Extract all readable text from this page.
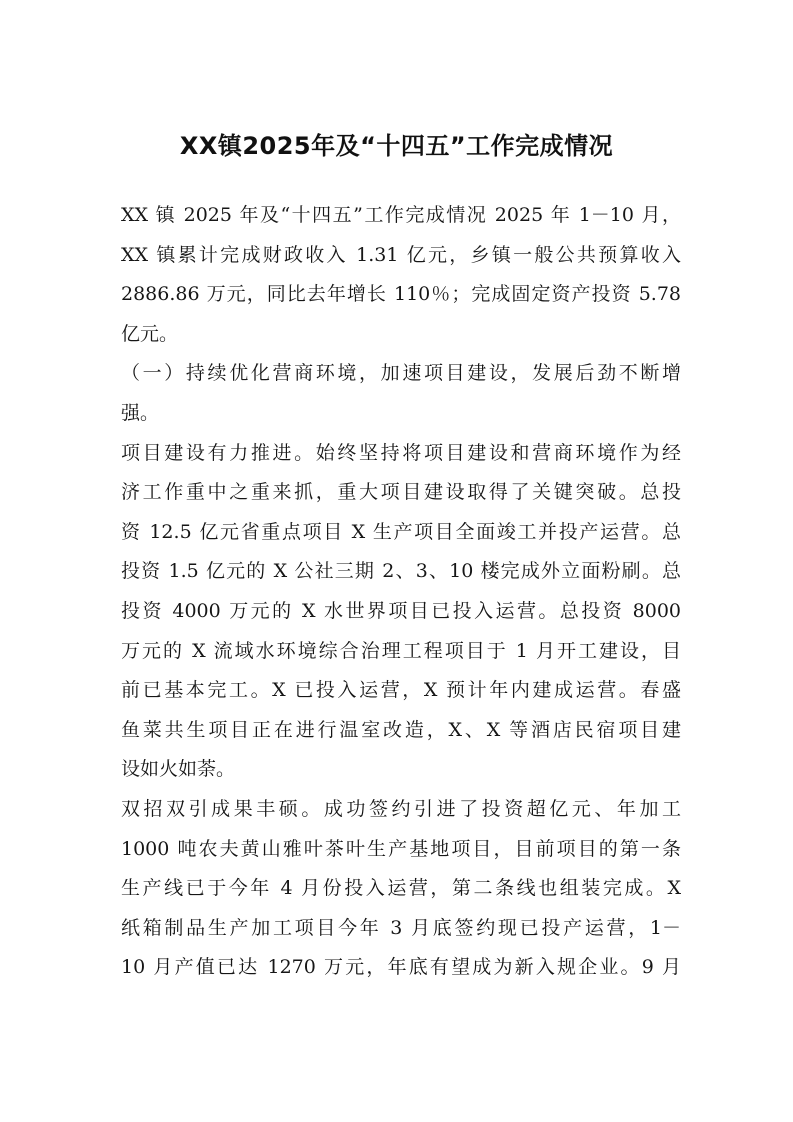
XX镇2025年及“十四五”工作完成情况
XX 镇 2025 年及“十四五”工作完成情况 2025 年 1－10 月，
XX 镇累计完成财政收入 1.31 亿元，乡镇一般公共预算收入
2886.86 万元，同比去年增长 110％；完成固定资产投资 5.78
亿元。
（一）持续优化营商环境，加速项目建设，发展后劲不断增
强。
项目建设有力推进。始终坚持将项目建设和营商环境作为经
济工作重中之重来抓，重大项目建设取得了关键突破。总投
资 12.5 亿元省重点项目 X 生产项目全面竣工并投产运营。总
投资 1.5 亿元的 X 公社三期 2、3、10 楼完成外立面粉刷。总
投资 4000 万元的 X 水世界项目已投入运营。总投资 8000
万元的 X 流域水环境综合治理工程项目于 1 月开工建设，目
前已基本完工。X 已投入运营，X 预计年内建成运营。春盛
鱼菜共生项目正在进行温室改造，X、X 等酒店民宿项目建
设如火如荼。
双招双引成果丰硕。成功签约引进了投资超亿元、年加工
1000 吨农夫黄山雅叶茶叶生产基地项目，目前项目的第一条
生产线已于今年 4 月份投入运营，第二条线也组装完成。X
纸箱制品生产加工项目今年 3 月底签约现已投产运营，1－
10 月产值已达 1270 万元，年底有望成为新入规企业。9 月
